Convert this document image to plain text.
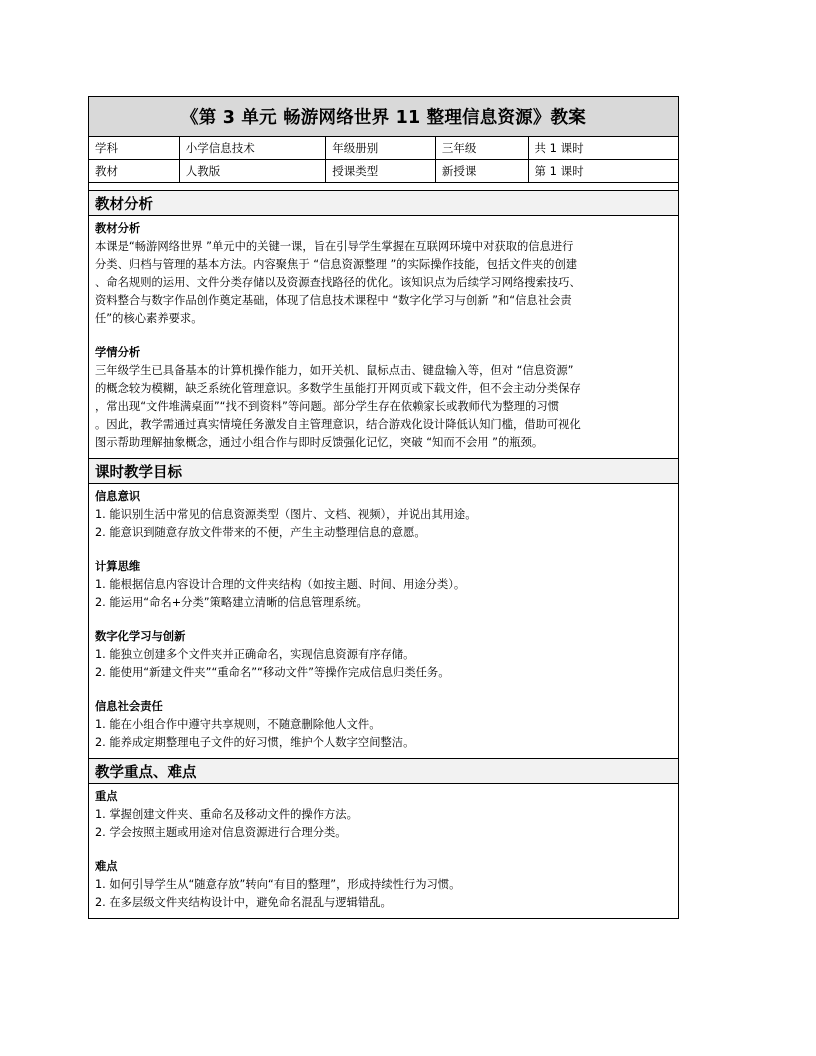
《第 3 单元 畅游网络世界 11 整理信息资源》教案
学科	小学信息技术	年级册别	三年级	共 1 课时
教材	人教版	授课类型	新授课	第 1 课时
教材分析
教材分析
本课是“畅游网络世界 ”单元中的关键一课，旨在引导学生掌握在互联网环境中对获取的信息进行
分类、归档与管理的基本方法。内容聚焦于 “信息资源整理 ”的实际操作技能，包括文件夹的创建
、命名规则的运用、文件分类存储以及资源查找路径的优化。该知识点为后续学习网络搜索技巧、
资料整合与数字作品创作奠定基础，体现了信息技术课程中 “数字化学习与创新 ”和“信息社会责
任”的核心素养要求。
学情分析
三年级学生已具备基本的计算机操作能力，如开关机、鼠标点击、键盘输入等，但对 “信息资源”
的概念较为模糊，缺乏系统化管理意识。多数学生虽能打开网页或下载文件，但不会主动分类保存
，常出现“文件堆满桌面”“找不到资料”等问题。部分学生存在依赖家长或教师代为整理的习惯
。因此，教学需通过真实情境任务激发自主管理意识，结合游戏化设计降低认知门槛，借助可视化
图示帮助理解抽象概念，通过小组合作与即时反馈强化记忆，突破 “知而不会用 ”的瓶颈。
课时教学目标
信息意识
1. 能识别生活中常见的信息资源类型（图片、文档、视频），并说出其用途。
2. 能意识到随意存放文件带来的不便，产生主动整理信息的意愿。
计算思维
1. 能根据信息内容设计合理的文件夹结构（如按主题、时间、用途分类）。
2. 能运用“命名+分类”策略建立清晰的信息管理系统。
数字化学习与创新
1. 能独立创建多个文件夹并正确命名，实现信息资源有序存储。
2. 能使用“新建文件夹”“重命名”“移动文件”等操作完成信息归类任务。
信息社会责任
1. 能在小组合作中遵守共享规则，不随意删除他人文件。
2. 能养成定期整理电子文件的好习惯，维护个人数字空间整洁。
教学重点、难点
重点
1. 掌握创建文件夹、重命名及移动文件的操作方法。
2. 学会按照主题或用途对信息资源进行合理分类。
难点
1. 如何引导学生从“随意存放”转向“有目的整理”，形成持续性行为习惯。
2. 在多层级文件夹结构设计中，避免命名混乱与逻辑错乱。
